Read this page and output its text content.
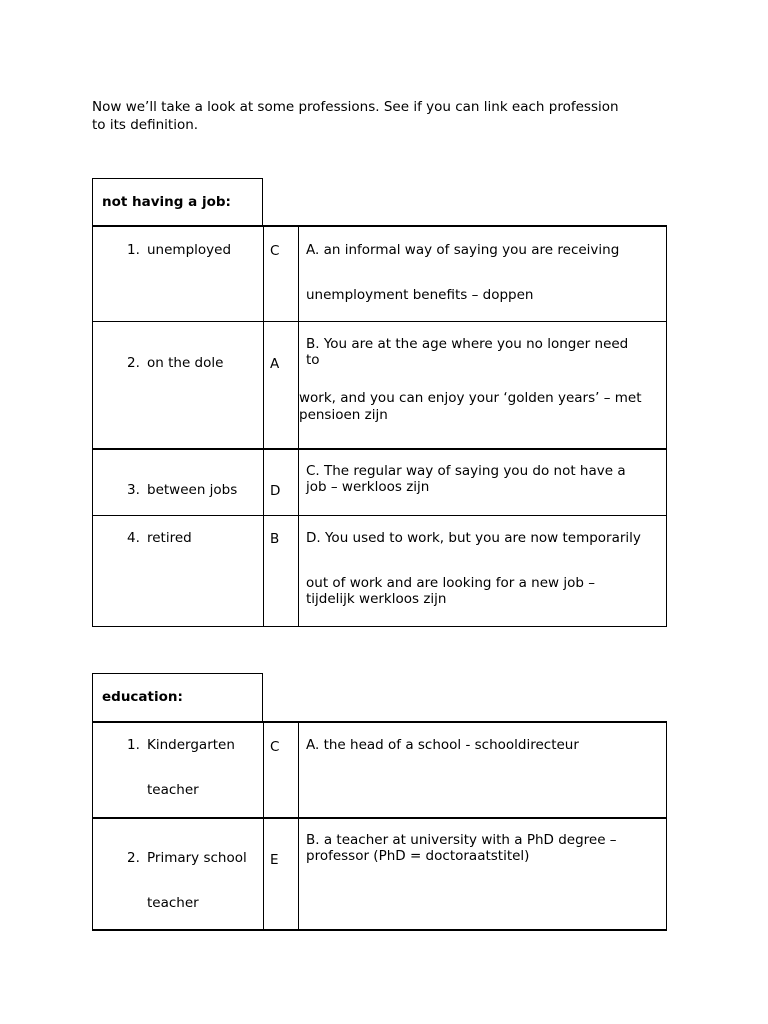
Now we’ll take a look at some professions. See if you can link each profession
to its definition.
not having a job:
1. unemployed	C	A. an informal way of saying you are receiving
unemployment benefits – doppen

2. on the dole	A	B. You are at the age where you no longer need
to
work, and you can enjoy your ‘golden years’ – met pensioen zijn

3. between jobs	D	C. The regular way of saying you do not have a
job – werkloos zijn

4. retired	B	D. You used to work, but you are now temporarily
out of work and are looking for a new job –
tijdelijk werkloos zijn
education:
1. Kindergarten
teacher	C	A. the head of a school - schooldirecteur

2. Primary school
teacher	E	B. a teacher at university with a PhD degree –
professor (PhD = doctoraatstitel)
